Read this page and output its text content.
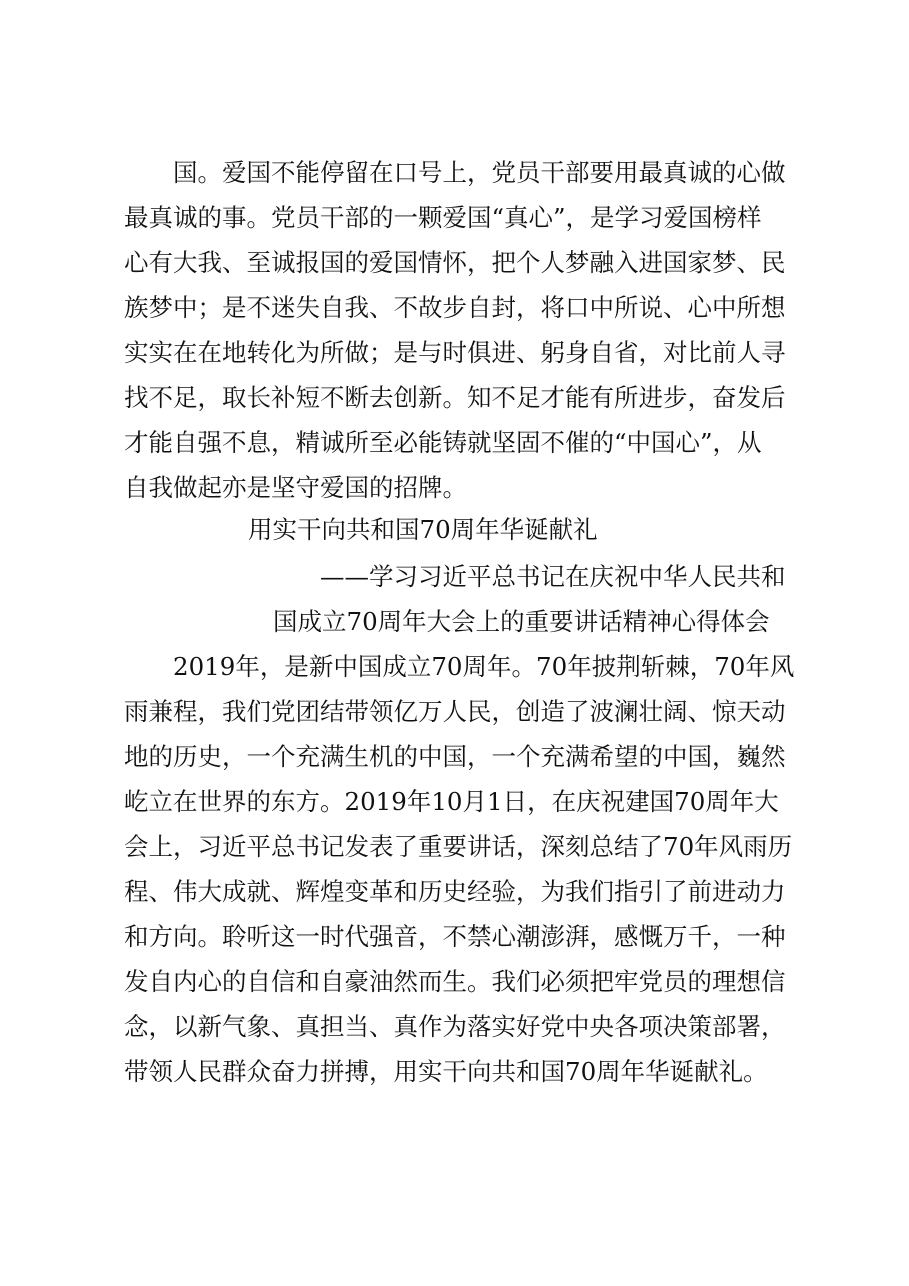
国。爱国不能停留在口号上，党员干部要用最真诚的心做
最真诚的事。党员干部的一颗爱国“真心”，是学习爱国榜样
心有大我、至诚报国的爱国情怀，把个人梦融入进国家梦、民
族梦中；是不迷失自我、不故步自封，将口中所说、心中所想
实实在在地转化为所做；是与时俱进、躬身自省，对比前人寻
找不足，取长补短不断去创新。知不足才能有所进步，奋发后
才能自强不息，精诚所至必能铸就坚固不催的“中国心”，从
自我做起亦是坚守爱国的招牌。
用实干向共和国70周年华诞献礼
——学习习近平总书记在庆祝中华人民共和
国成立70周年大会上的重要讲话精神心得体会
2019年，是新中国成立70周年。70年披荆斩棘，70年风
雨兼程，我们党团结带领亿万人民，创造了波澜壮阔、惊天动
地的历史，一个充满生机的中国，一个充满希望的中国，巍然
屹立在世界的东方。2019年10月1日，在庆祝建国70周年大
会上，习近平总书记发表了重要讲话，深刻总结了70年风雨历
程、伟大成就、辉煌变革和历史经验，为我们指引了前进动力
和方向。聆听这一时代强音，不禁心潮澎湃，感慨万千，一种
发自内心的自信和自豪油然而生。我们必须把牢党员的理想信
念，以新气象、真担当、真作为落实好党中央各项决策部署，
带领人民群众奋力拼搏，用实干向共和国70周年华诞献礼。
